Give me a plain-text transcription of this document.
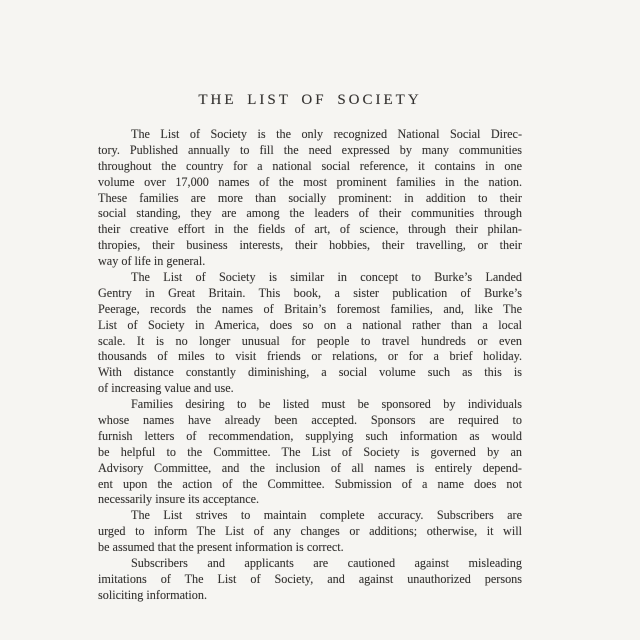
THE LIST OF SOCIETY
The List of Society is the only recognized National Social Direc-
tory. Published annually to fill the need expressed by many communities
throughout the country for a national social reference, it contains in one
volume over 17,000 names of the most prominent families in the nation.
These families are more than socially prominent: in addition to their
social standing, they are among the leaders of their communities through
their creative effort in the fields of art, of science, through their philan-
thropies, their business interests, their hobbies, their travelling, or their
way of life in general.
The List of Society is similar in concept to Burke’s Landed
Gentry in Great Britain. This book, a sister publication of Burke’s
Peerage, records the names of Britain’s foremost families, and, like The
List of Society in America, does so on a national rather than a local
scale. It is no longer unusual for people to travel hundreds or even
thousands of miles to visit friends or relations, or for a brief holiday.
With distance constantly diminishing, a social volume such as this is
of increasing value and use.
Families desiring to be listed must be sponsored by individuals
whose names have already been accepted. Sponsors are required to
furnish letters of recommendation, supplying such information as would
be helpful to the Committee. The List of Society is governed by an
Advisory Committee, and the inclusion of all names is entirely depend-
ent upon the action of the Committee. Submission of a name does not
necessarily insure its acceptance.
The List strives to maintain complete accuracy. Subscribers are
urged to inform The List of any changes or additions; otherwise, it will
be assumed that the present information is correct.
Subscribers and applicants are cautioned against misleading
imitations of The List of Society, and against unauthorized persons
soliciting information.
